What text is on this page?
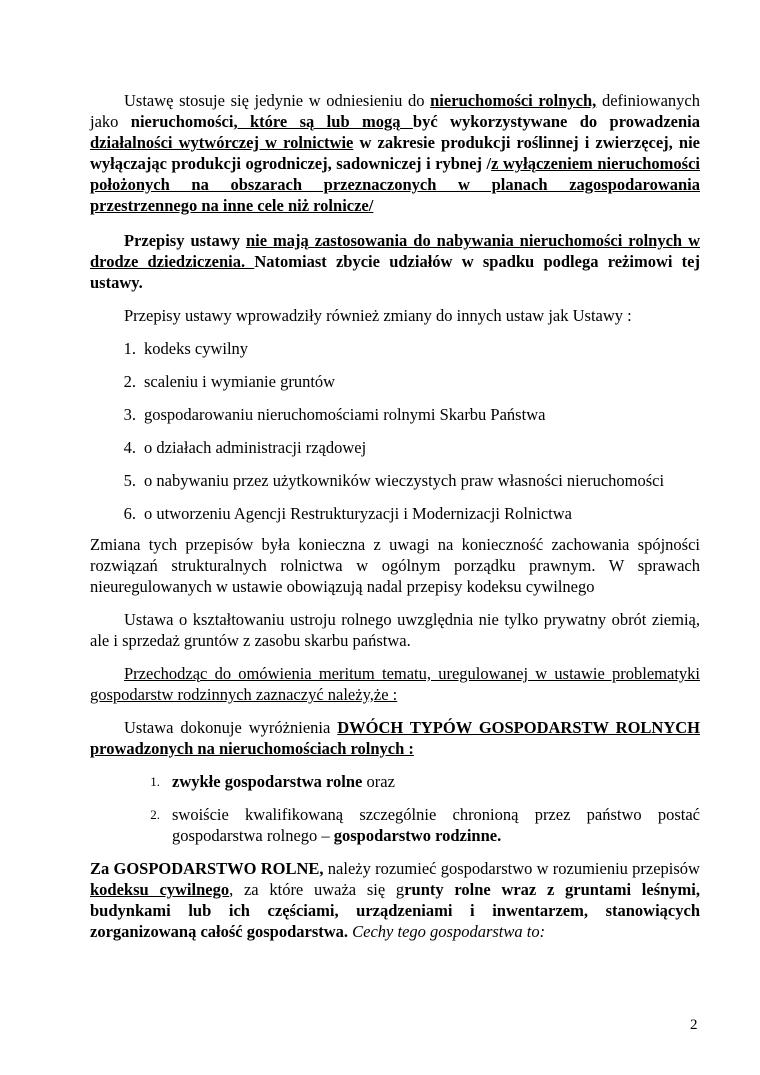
Ustawę stosuje się jedynie w odniesieniu do nieruchomości rolnych, definiowanych jako nieruchomości, które są lub mogą być wykorzystywane do prowadzenia działalności wytwórczej w rolnictwie w zakresie produkcji roślinnej i zwierzęcej, nie wyłączając produkcji ogrodniczej, sadowniczej i rybnej /z wyłączeniem nieruchomości położonych na obszarach przeznaczonych w planach zagospodarowania przestrzennego na inne cele niż rolnicze/

Przepisy ustawy nie mają zastosowania do nabywania nieruchomości rolnych w drodze dziedziczenia. Natomiast zbycie udziałów w spadku podlega reżimowi tej ustawy.

Przepisy ustawy wprowadziły również zmiany do innych ustaw jak Ustawy :

1. kodeks cywilny
2. scaleniu i wymianie gruntów
3. gospodarowaniu nieruchomościami rolnymi Skarbu Państwa
4. o działach administracji rządowej
5. o nabywaniu przez użytkowników wieczystych praw własności nieruchomości
6. o utworzeniu Agencji Restrukturyzacji i Modernizacji Rolnictwa

Zmiana tych przepisów była konieczna z uwagi na konieczność zachowania spójności rozwiązań strukturalnych rolnictwa w ogólnym porządku prawnym. W sprawach nieuregulowanych w ustawie obowiązują nadal przepisy kodeksu cywilnego

Ustawa o kształtowaniu ustroju rolnego uwzględnia nie tylko prywatny obrót ziemią, ale i sprzedaż gruntów z zasobu skarbu państwa.

Przechodząc do omówienia meritum tematu, uregulowanej w ustawie problematyki gospodarstw rodzinnych zaznaczyć należy,że :

Ustawa dokonuje wyróżnienia DWÓCH TYPÓW GOSPODARSTW ROLNYCH prowadzonych na nieruchomościach rolnych :

1. zwykłe gospodarstwa rolne oraz
2. swoiście kwalifikowaną szczególnie chronioną przez państwo postać gospodarstwa rolnego – gospodarstwo rodzinne.

Za GOSPODARSTWO ROLNE, należy rozumieć gospodarstwo w rozumieniu przepisów kodeksu cywilnego, za które uważa się grunty rolne wraz z gruntami leśnymi, budynkami lub ich częściami, urządzeniami i inwentarzem, stanowiących zorganizowaną całość gospodarstwa. Cechy tego gospodarstwa to:

2
